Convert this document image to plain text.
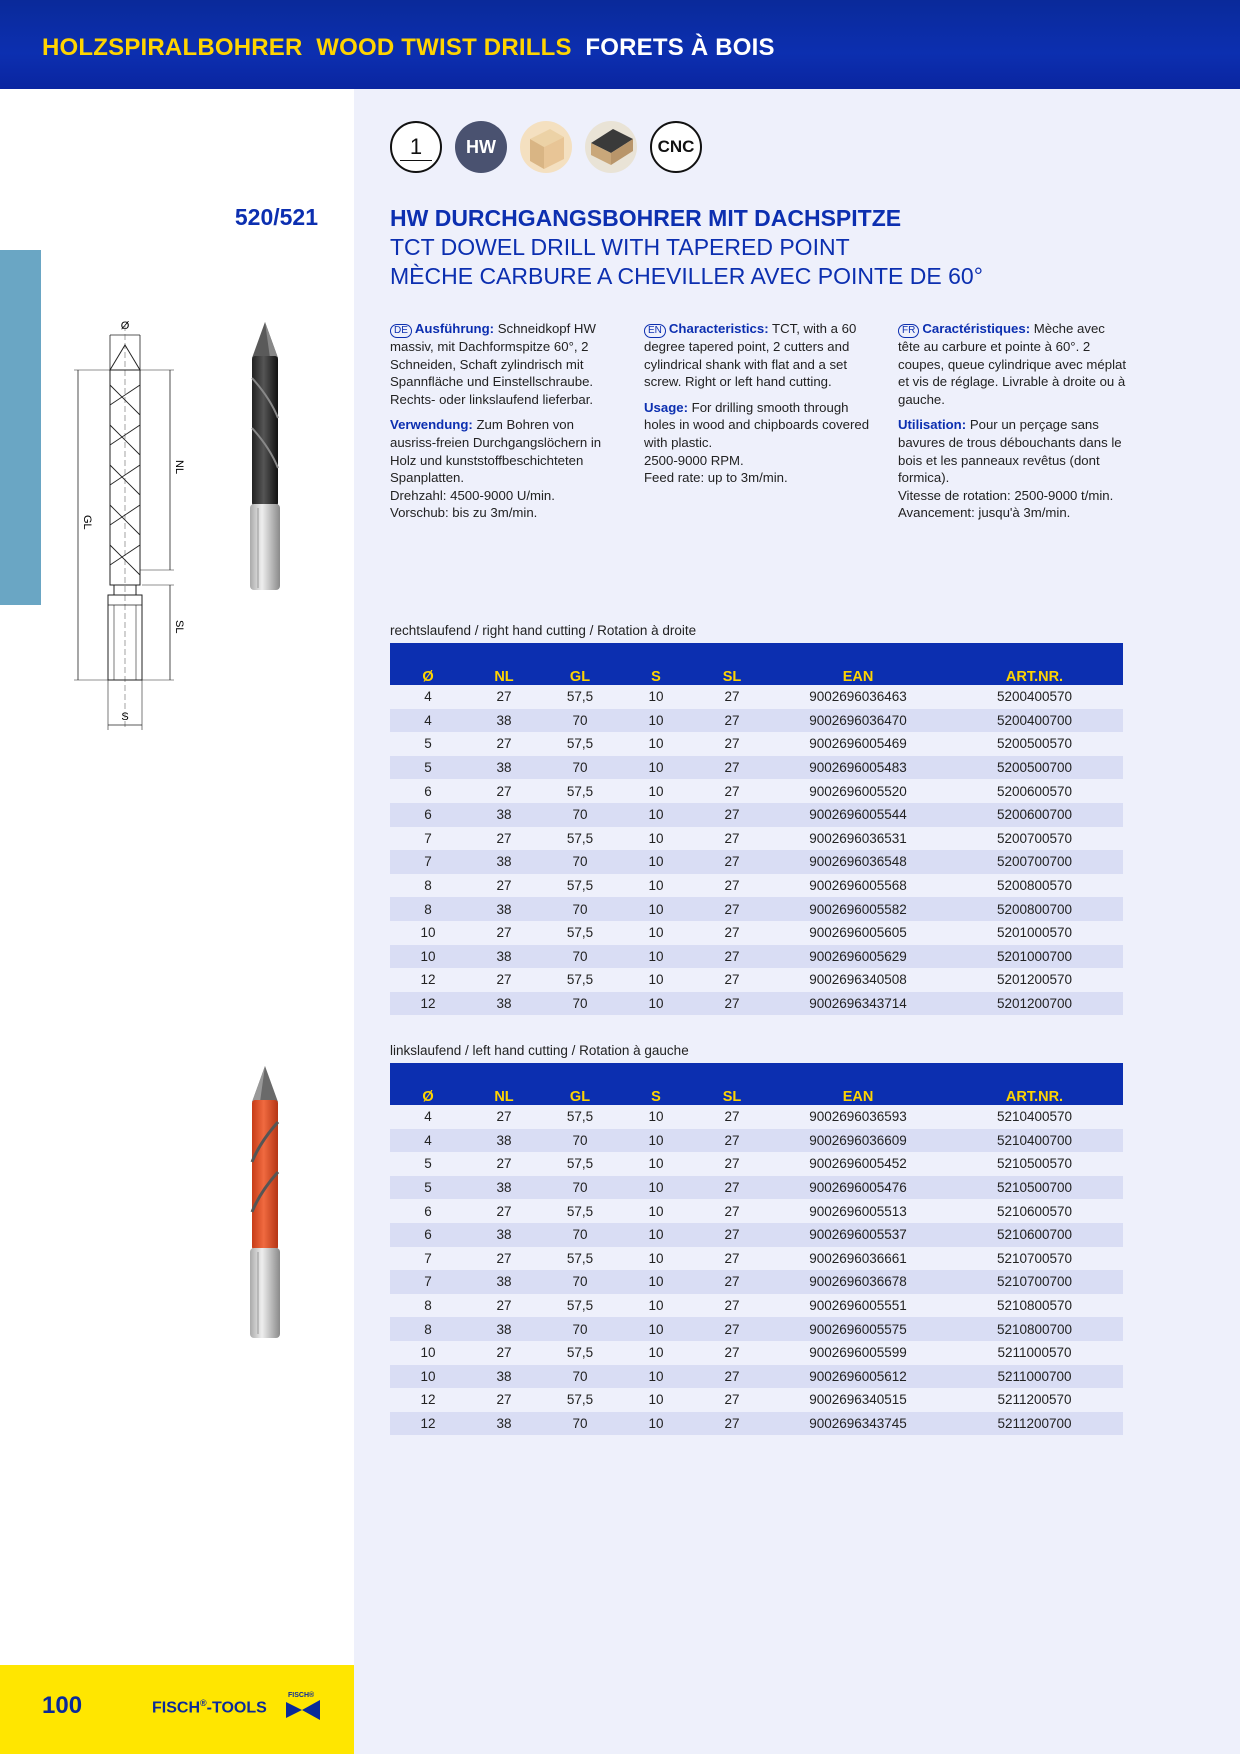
HOLZSPIRALBOHRER WOOD TWIST DRILLS FORETS À BOIS
1	HW	CNC
520/521	HW DURCHGANGSBOHRER MIT DACHSPITZE
TCT DOWEL DRILL WITH TAPERED POINT
MÈCHE CARBURE A CHEVILLER AVEC POINTE DE 60°

DE Ausführung: Schneidkopf HW massiv, mit Dachformspitze 60°, 2 Schneiden, Schaft zylindrisch mit Spannfläche und Einstellschraube. Rechts- oder linkslaufend lieferbar.

Verwendung: Zum Bohren von ausriss-freien Durchgangslöchern in Holz und kunststoffbeschichteten Spanplatten.

Drehzahl: 4500-9000 U/min.
Vorschub: bis zu 3m/min.

EN Characteristics: TCT, with a 60 degree tapered point, 2 cutters and cylindrical shank with flat and a set screw. Right or left hand cutting.

Usage: For drilling smooth through holes in wood and chipboards covered with plastic.

2500-9000 RPM.
Feed rate: up to 3m/min.

FR Caractéristiques: Mèche avec tête au carbure et pointe à 60°. 2 coupes, queue cylindrique avec méplat et vis de réglage. Livrable à droite ou à gauche.

Utilisation: Pour un perçage sans bavures de trous débouchants dans le bois et les panneaux revêtus (dont formica).

Vitesse de rotation: 2500-9000 t/min.
Avancement: jusqu'à 3m/min.
Ø
GL
NL
SL
S
rechtslaufend / right hand cutting / Rotation à droite
Ø	NL	GL	S	SL	EAN	ART.NR.
4	27	57,5	10	27	9002696036463	5200400570
4	38	70	10	27	9002696036470	5200400700
5	27	57,5	10	27	9002696005469	5200500570
5	38	70	10	27	9002696005483	5200500700
6	27	57,5	10	27	9002696005520	5200600570
6	38	70	10	27	9002696005544	5200600700
7	27	57,5	10	27	9002696036531	5200700570
7	38	70	10	27	9002696036548	5200700700
8	27	57,5	10	27	9002696005568	5200800570
8	38	70	10	27	9002696005582	5200800700
10	27	57,5	10	27	9002696005605	5201000570
10	38	70	10	27	9002696005629	5201000700
12	27	57,5	10	27	9002696340508	5201200570
12	38	70	10	27	9002696343714	5201200700
linkslaufend / left hand cutting / Rotation à gauche
Ø	NL	GL	S	SL	EAN	ART.NR.
4	27	57,5	10	27	9002696036593	5210400570
4	38	70	10	27	9002696036609	5210400700
5	27	57,5	10	27	9002696005452	5210500570
5	38	70	10	27	9002696005476	5210500700
6	27	57,5	10	27	9002696005513	5210600570
6	38	70	10	27	9002696005537	5210600700
7	27	57,5	10	27	9002696036661	5210700570
7	38	70	10	27	9002696036678	5210700700
8	27	57,5	10	27	9002696005551	5210800570
8	38	70	10	27	9002696005575	5210800700
10	27	57,5	10	27	9002696005599	5211000570
10	38	70	10	27	9002696005612	5211000700
12	27	57,5	10	27	9002696340515	5211200570
12	38	70	10	27	9002696343745	5211200700
100	FISCH®-TOOLS
FISCH®
